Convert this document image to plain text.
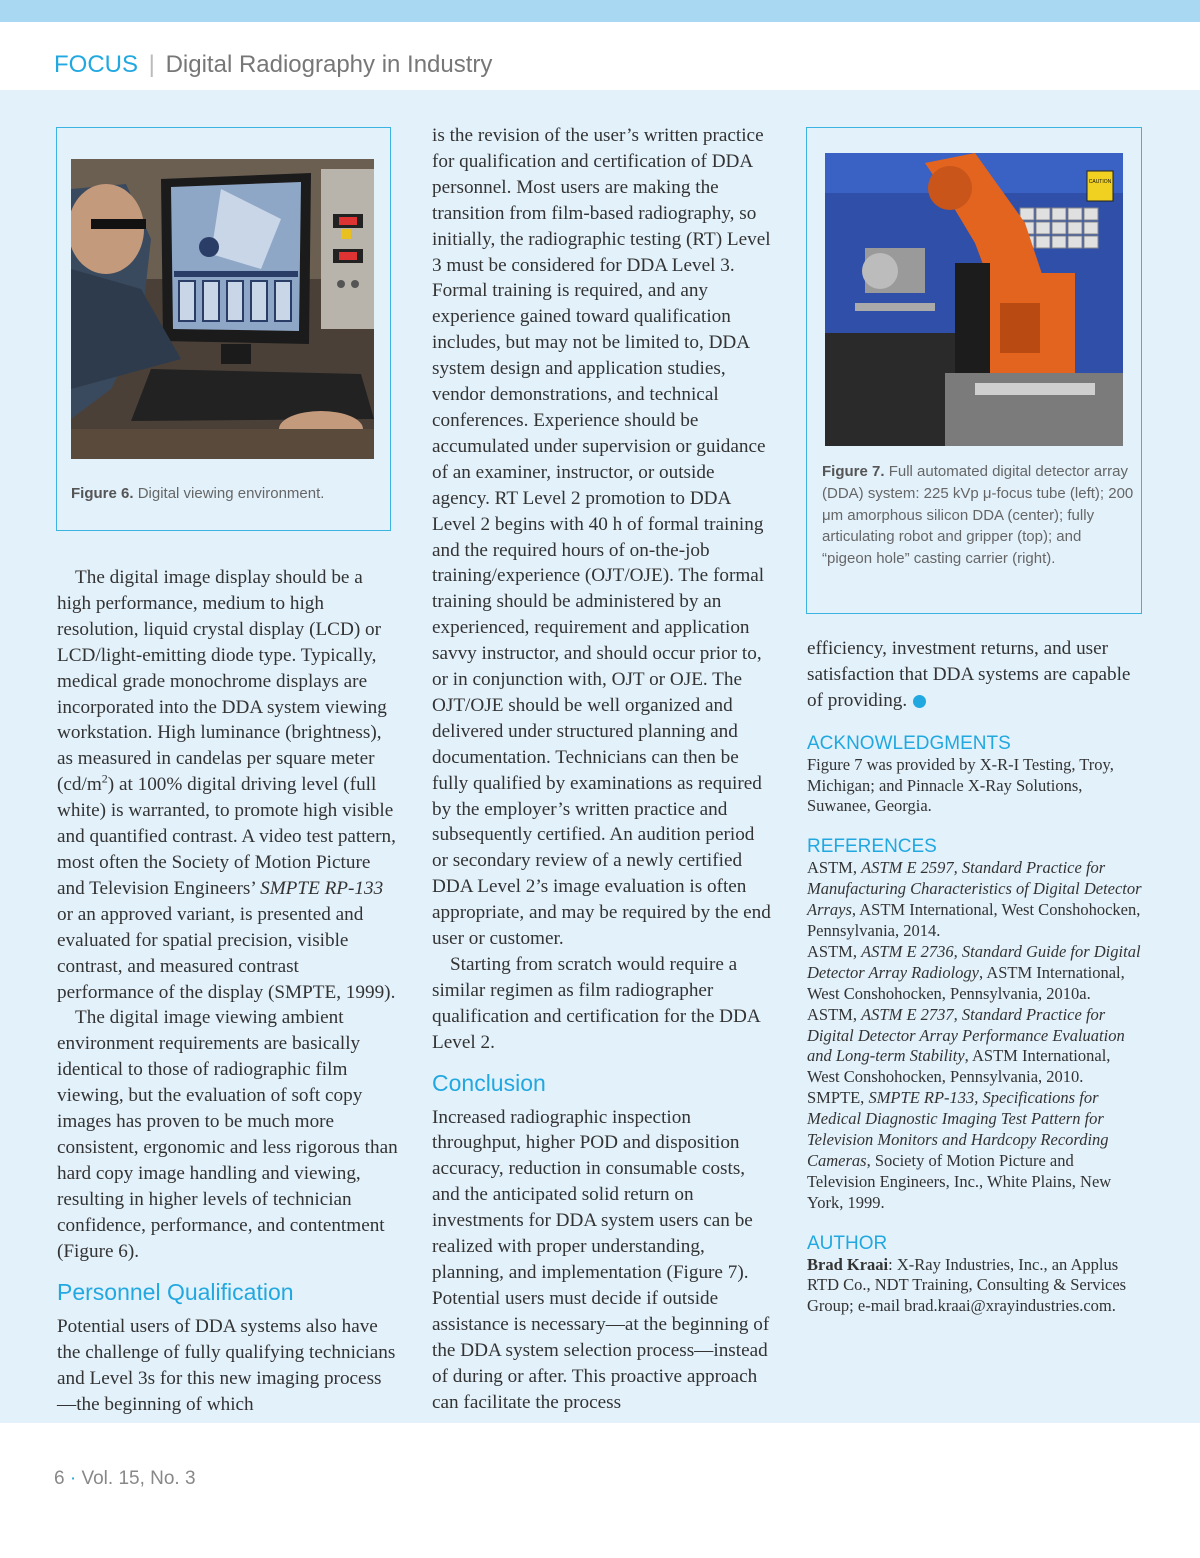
FOCUS | Digital Radiography in Industry
Figure 6. Digital viewing environment.

The digital image display should be a high performance, medium to high resolution, liquid crystal display (LCD) or LCD/light-emitting diode type. Typically, medical grade monochrome displays are incorporated into the DDA system viewing workstation. High luminance (brightness), as measured in candelas per square meter $(cd/m^2)$ at 100% digital driving level (full white) is warranted, to promote high visible and quantified contrast. A video test pattern, most often the Society of Motion Picture and Television Engineers’ SMPTE RP-133 or an approved variant, is presented and evaluated for spatial precision, visible contrast, and measured contrast performance of the display (SMPTE, 1999).

The digital image viewing ambient environment requirements are basically identical to those of radiographic film viewing, but the evaluation of soft copy images has proven to be much more consistent, ergonomic and less rigorous than hard copy image handling and viewing, resulting in higher levels of technician confidence, performance, and contentment (Figure 6).

Personnel Qualification

Potential users of DDA systems also have the challenge of fully qualifying technicians and Level 3s for this new imaging process—the beginning of which

is the revision of the user’s written practice for qualification and certification of DDA personnel. Most users are making the transition from film-based radiography, so initially, the radiographic testing (RT) Level 3 must be considered for DDA Level 3. Formal training is required, and any experience gained toward qualification includes, but may not be limited to, DDA system design and application studies, vendor demonstrations, and technical conferences. Experience should be accumulated under supervision or guidance of an examiner, instructor, or outside agency. RT Level 2 promotion to DDA Level 2 begins with 40 h of formal training and the required hours of on-the-job training/experience (OJT/OJE). The formal training should be administered by an experienced, requirement and application savvy instructor, and should occur prior to, or in conjunction with, OJT or OJE. The OJT/OJE should be well organized and delivered under structured planning and documentation. Technicians can then be fully qualified by examinations as required by the employer’s written practice and subsequently certified. An audition period or secondary review of a newly certified DDA Level 2’s image evaluation is often appropriate, and may be required by the end user or customer.

Starting from scratch would require a similar regimen as film radiographer qualification and certification for the DDA Level 2.

Conclusion

Increased radiographic inspection throughput, higher POD and disposition accuracy, reduction in consumable costs, and the anticipated solid return on investments for DDA system users can be realized with proper understanding, planning, and implementation (Figure 7). Potential users must decide if outside assistance is necessary—at the beginning of the DDA system selection process—instead of during or after. This proactive approach can facilitate the process

CAUTION
Figure 7. Full automated digital detector array (DDA) system: 225 kVp μ-focus tube (left); 200 μm amorphous silicon DDA (center); fully articulating robot and gripper (top); and “pigeon hole” casting carrier (right).

efficiency, investment returns, and user satisfaction that DDA systems are capable of providing.

ACKNOWLEDGMENTS

Figure 7 was provided by X-R-I Testing, Troy, Michigan; and Pinnacle X-Ray Solutions, Suwanee, Georgia.

REFERENCES

ASTM, ASTM E 2597, Standard Practice for Manufacturing Characteristics of Digital Detector Arrays, ASTM International, West Conshohocken, Pennsylvania, 2014.

ASTM, ASTM E 2736, Standard Guide for Digital Detector Array Radiology, ASTM International, West Conshohocken, Pennsylvania, 2010a.

ASTM, ASTM E 2737, Standard Practice for Digital Detector Array Performance Evaluation and Long-term Stability, ASTM International, West Conshohocken, Pennsylvania, 2010.

SMPTE, SMPTE RP-133, Specifications for Medical Diagnostic Imaging Test Pattern for Television Monitors and Hardcopy Recording Cameras, Society of Motion Picture and Television Engineers, Inc., White Plains, New York, 1999.

AUTHOR

Brad Kraai: X-Ray Industries, Inc., an Applus RTD Co., NDT Training, Consulting & Services Group; e-mail brad.kraai@xrayindustries.com.

6 · Vol. 15, No. 3
